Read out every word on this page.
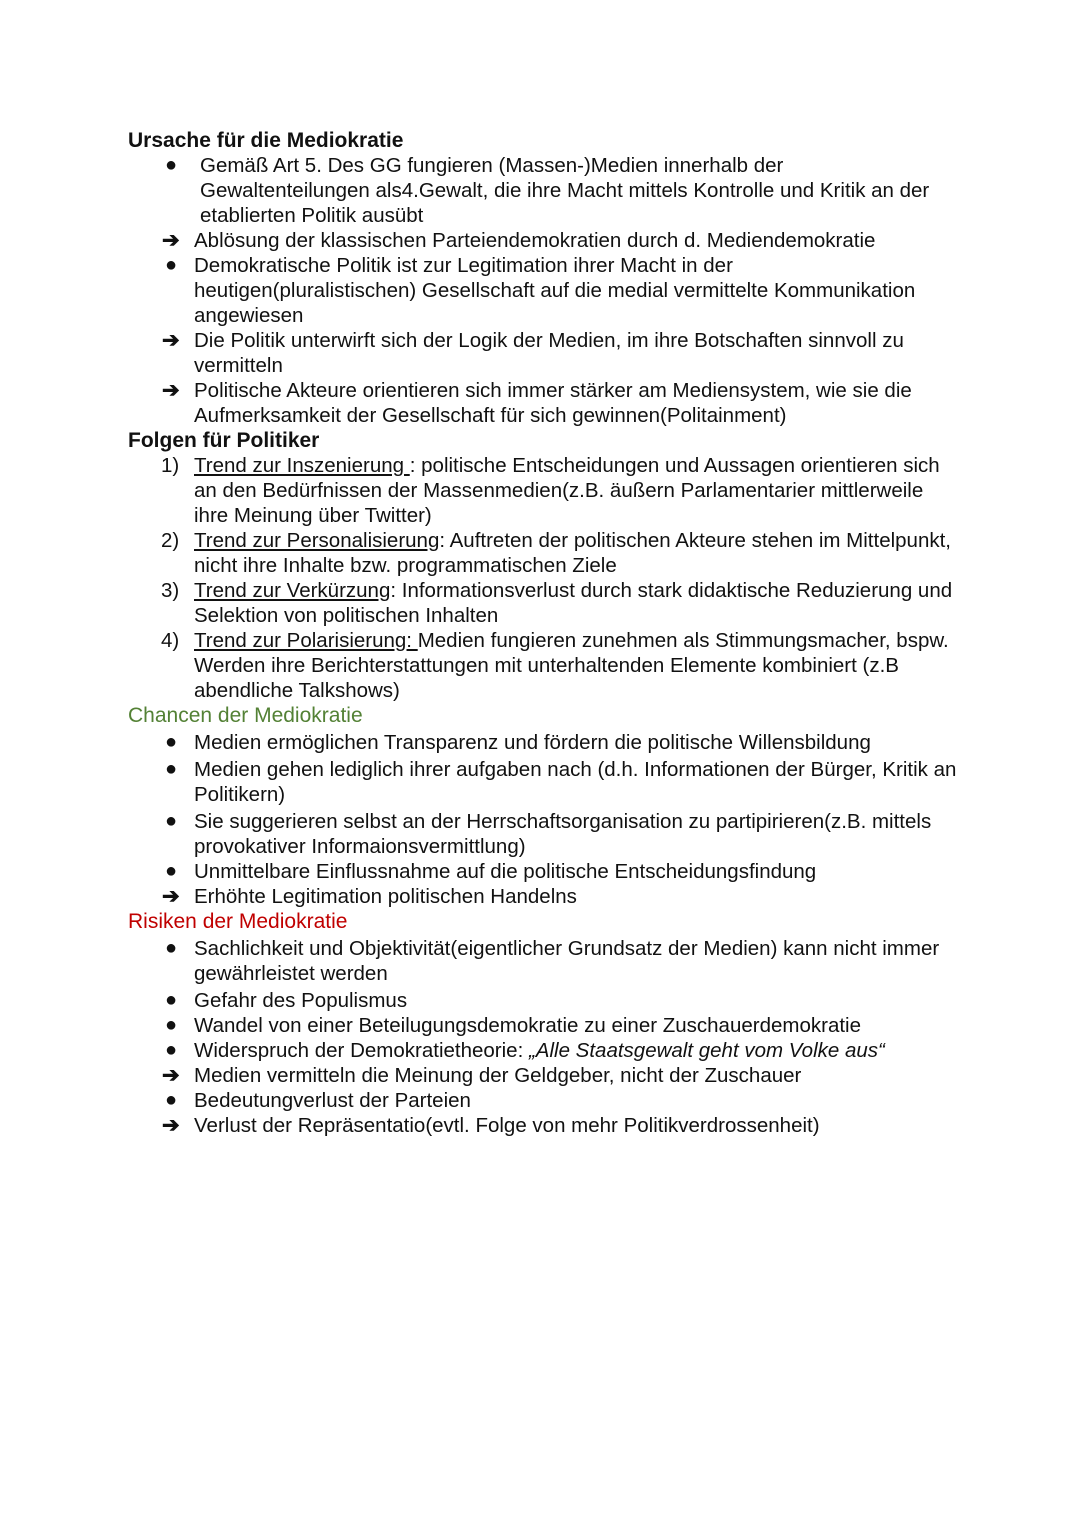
Ursache für die Mediokratie
● Gemäß Art 5. Des GG fungieren (Massen-)Medien innerhalb der Gewaltenteilungen als4.Gewalt, die ihre Macht mittels Kontrolle und Kritik an der etablierten Politik ausübt
➔ Ablösung der klassischen Parteiendemokratien durch d. Mediendemokratie
● Demokratische Politik ist zur Legitimation ihrer Macht in der heutigen(pluralistischen) Gesellschaft auf die medial vermittelte Kommunikation angewiesen
➔ Die Politik unterwirft sich der Logik der Medien, im ihre Botschaften sinnvoll zu vermitteln
➔ Politische Akteure orientieren sich immer stärker am Mediensystem, wie sie die Aufmerksamkeit der Gesellschaft für sich gewinnen(Politainment)
Folgen für Politiker
1) Trend zur Inszenierung : politische Entscheidungen und Aussagen orientieren sich an den Bedürfnissen der Massenmedien(z.B. äußern Parlamentarier mittlerweile ihre Meinung über Twitter)
2) Trend zur Personalisierung: Auftreten der politischen Akteure stehen im Mittelpunkt, nicht ihre Inhalte bzw. programmatischen Ziele
3) Trend zur Verkürzung: Informationsverlust durch stark didaktische Reduzierung und Selektion von politischen Inhalten
4) Trend zur Polarisierung: Medien fungieren zunehmen als Stimmungsmacher, bspw. Werden ihre Berichterstattungen mit unterhaltenden Elemente kombiniert (z.B abendliche Talkshows)
Chancen der Mediokratie
● Medien ermöglichen Transparenz und fördern die politische Willensbildung
● Medien gehen lediglich ihrer aufgaben nach (d.h. Informationen der Bürger, Kritik an Politikern)
● Sie suggerieren selbst an der Herrschaftsorganisation zu partipirieren(z.B. mittels provokativer Informaionsvermittlung)
● Unmittelbare Einflussnahme auf die politische Entscheidungsfindung
➔ Erhöhte Legitimation politischen Handelns
Risiken der Mediokratie
● Sachlichkeit und Objektivität(eigentlicher Grundsatz der Medien) kann nicht immer gewährleistet werden
● Gefahr des Populismus
● Wandel von einer Beteilugungsdemokratie zu einer Zuschauerdemokratie
● Widerspruch der Demokratietheorie: „Alle Staatsgewalt geht vom Volke aus“
➔ Medien vermitteln die Meinung der Geldgeber, nicht der Zuschauer
● Bedeutungverlust der Parteien
➔ Verlust der Repräsentatio(evtl. Folge von mehr Politikverdrossenheit)
